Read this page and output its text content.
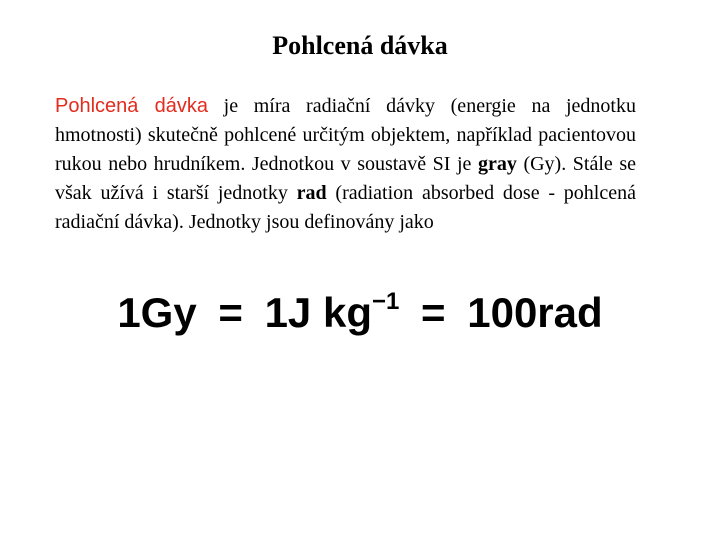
Pohlcená dávka

Pohlcená dávka je míra radiační dávky (energie na jednotku hmotnosti) skutečně pohlcené určitým objektem, například pacientovou rukou nebo hrudníkem. Jednotkou v soustavě SI je gray (Gy). Stále se však užívá i starší jednotky rad (radiation absorbed dose - pohlcená radiační dávka). Jednotky jsou definovány jako

1Gy = 1J $kg^{-1} = 100rad$
